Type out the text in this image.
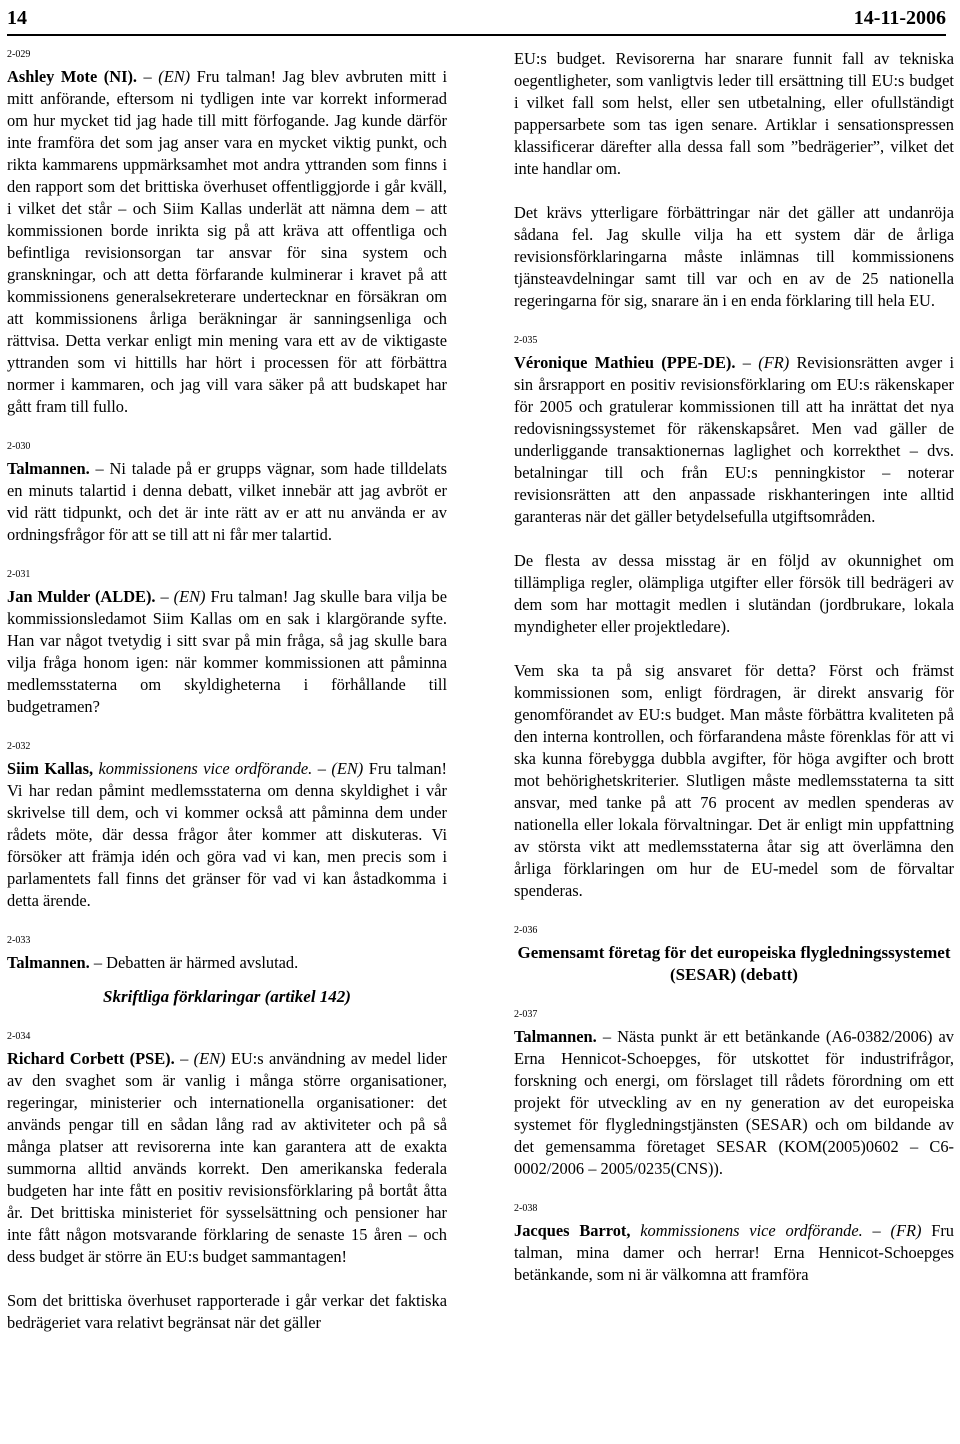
14	14-11-2006
2-029

Ashley Mote (NI). – (EN) Fru talman! Jag blev avbruten mitt i mitt anförande, eftersom ni tydligen inte var korrekt informerad om hur mycket tid jag hade till mitt förfogande. Jag kunde därför inte framföra det som jag anser vara en mycket viktig punkt, och rikta kammarens uppmärksamhet mot andra yttranden som finns i den rapport som det brittiska överhuset offentliggjorde i går kväll, i vilket det står – och Siim Kallas underlät att nämna dem – att kommissionen borde inrikta sig på att kräva att offentliga och befintliga revisionsorgan tar ansvar för sina system och granskningar, och att detta förfarande kulminerar i kravet på att kommissionens generalsekreterare undertecknar en försäkran om att kommissionens årliga beräkningar är sanningsenliga och rättvisa. Detta verkar enligt min mening vara ett av de viktigaste yttranden som vi hittills har hört i processen för att förbättra normer i kammaren, och jag vill vara säker på att budskapet har gått fram till fullo.

2-030

Talmannen. – Ni talade på er grupps vägnar, som hade tilldelats en minuts talartid i denna debatt, vilket innebär att jag avbröt er vid rätt tidpunkt, och det är inte rätt av er att nu använda er av ordningsfrågor för att se till att ni får mer talartid.

2-031

Jan Mulder (ALDE). – (EN) Fru talman! Jag skulle bara vilja be kommissionsledamot Siim Kallas om en sak i klargörande syfte. Han var något tvetydig i sitt svar på min fråga, så jag skulle bara vilja fråga honom igen: när kommer kommissionen att påminna medlemsstaterna om skyldigheterna i förhållande till budgetramen?

2-032

Siim Kallas, kommissionens vice ordförande. – (EN) Fru talman! Vi har redan påmint medlemsstaterna om denna skyldighet i vår skrivelse till dem, och vi kommer också att påminna dem under rådets möte, där dessa frågor åter kommer att diskuteras. Vi försöker att främja idén och göra vad vi kan, men precis som i parlamentets fall finns det gränser för vad vi kan åstadkomma i detta ärende.

2-033

Talmannen. – Debatten är härmed avslutad.

Skriftliga förklaringar (artikel 142)
2-034

Richard Corbett (PSE). – (EN) EU:s användning av medel lider av den svaghet som är vanlig i många större organisationer, regeringar, ministerier och internationella organisationer: det används pengar till en sådan lång rad av aktiviteter och på så många platser att revisorerna inte kan garantera att de exakta summorna alltid används korrekt. Den amerikanska federala budgeten har inte fått en positiv revisionsförklaring på bortåt åtta år. Det brittiska ministeriet för sysselsättning och pensioner har inte fått någon motsvarande förklaring de senaste 15 åren – och dess budget är större än EU:s budget sammantagen!

Som det brittiska överhuset rapporterade i går verkar det faktiska bedrägeriet vara relativt begränsat när det gäller

EU:s budget. Revisorerna har snarare funnit fall av tekniska oegentligheter, som vanligtvis leder till ersättning till EU:s budget i vilket fall som helst, eller sen utbetalning, eller ofullständigt pappersarbete som tas igen senare. Artiklar i sensationspressen klassificerar därefter alla dessa fall som ”bedrägerier”, vilket det inte handlar om.

Det krävs ytterligare förbättringar när det gäller att undanröja sådana fel. Jag skulle vilja ha ett system där de årliga revisionsförklaringarna måste inlämnas till kommissionens tjänsteavdelningar samt till var och en av de 25 nationella regeringarna för sig, snarare än i en enda förklaring till hela EU.

2-035

Véronique Mathieu (PPE-DE). – (FR) Revisionsrätten avger i sin årsrapport en positiv revisionsförklaring om EU:s räkenskaper för 2005 och gratulerar kommissionen till att ha inrättat det nya redovisningssystemet för räkenskapsåret. Men vad gäller de underliggande transaktionernas laglighet och korrekthet – dvs. betalningar till och från EU:s penningkistor – noterar revisionsrätten att den anpassade riskhanteringen inte alltid garanteras när det gäller betydelsefulla utgiftsområden.

De flesta av dessa misstag är en följd av okunnighet om tillämpliga regler, olämpliga utgifter eller försök till bedrägeri av dem som har mottagit medlen i slutändan (jordbrukare, lokala myndigheter eller projektledare).

Vem ska ta på sig ansvaret för detta? Först och främst kommissionen som, enligt fördragen, är direkt ansvarig för genomförandet av EU:s budget. Man måste förbättra kvaliteten på den interna kontrollen, och förfarandena måste förenklas för att vi ska kunna förebygga dubbla avgifter, för höga avgifter och brott mot behörighetskriterier. Slutligen måste medlemsstaterna ta sitt ansvar, med tanke på att 76 procent av medlen spenderas av nationella eller lokala förvaltningar. Det är enligt min uppfattning av största vikt att medlemsstaterna åtar sig att överlämna den årliga förklaringen om hur de EU-medel som de förvaltar spenderas.

2-036
Gemensamt företag för det europeiska flygledningssystemet (SESAR) (debatt)
2-037

Talmannen. – Nästa punkt är ett betänkande (A6-0382/2006) av Erna Hennicot-Schoepges, för utskottet för industrifrågor, forskning och energi, om förslaget till rådets förordning om ett projekt för utveckling av en ny generation av det europeiska systemet för flygledningstjänsten (SESAR) och om bildande av det gemensamma företaget SESAR (KOM(2005)0602 – C6-0002/2006 – 2005/0235(CNS)).

2-038

Jacques Barrot, kommissionens vice ordförande. – (FR) Fru talman, mina damer och herrar! Erna Hennicot-Schoepges betänkande, som ni är välkomna att framföra
